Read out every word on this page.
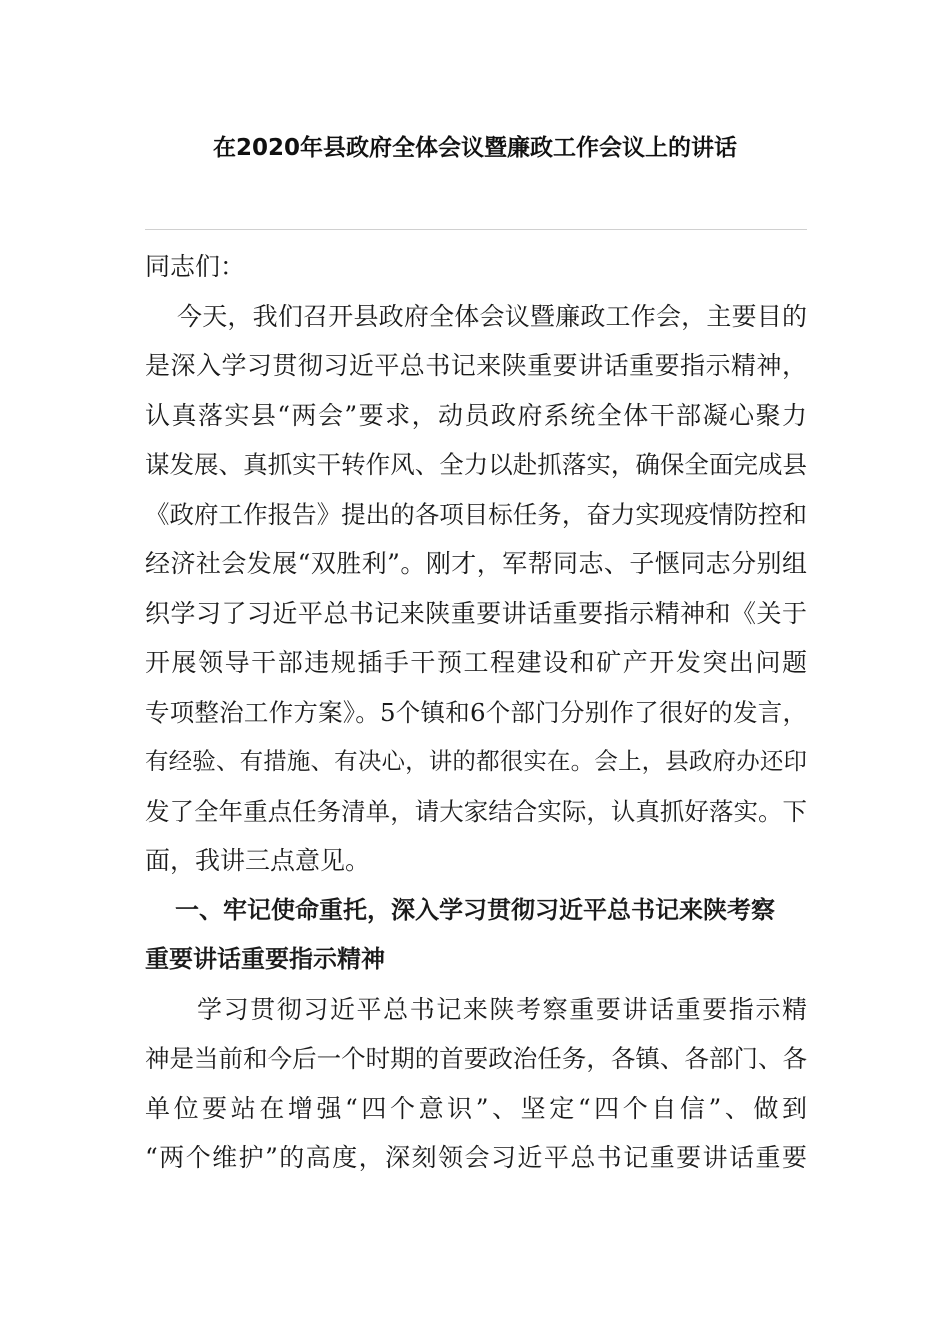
在2020年县政府全体会议暨廉政工作会议上的讲话
同志们：
今天，我们召开县政府全体会议暨廉政工作会，主要目的
是深入学习贯彻习近平总书记来陕重要讲话重要指示精神，
认真落实县“两会”要求，动员政府系统全体干部凝心聚力
谋发展、真抓实干转作风、全力以赴抓落实，确保全面完成县
《政府工作报告》提出的各项目标任务，奋力实现疫情防控和
经济社会发展“双胜利”。刚才，军帮同志、子惬同志分别组
织学习了习近平总书记来陕重要讲话重要指示精神和《关于
开展领导干部违规插手干预工程建设和矿产开发突出问题
专项整治工作方案》。5个镇和6个部门分别作了很好的发言，
有经验、有措施、有决心，讲的都很实在。会上，县政府办还印
发了全年重点任务清单，请大家结合实际，认真抓好落实。下
面，我讲三点意见。
一、牢记使命重托，深入学习贯彻习近平总书记来陕考察
重要讲话重要指示精神
学习贯彻习近平总书记来陕考察重要讲话重要指示精
神是当前和今后一个时期的首要政治任务，各镇、各部门、各
单位要站在增强“四个意识”、坚定“四个自信”、做到
“两个维护”的高度，深刻领会习近平总书记重要讲话重要
